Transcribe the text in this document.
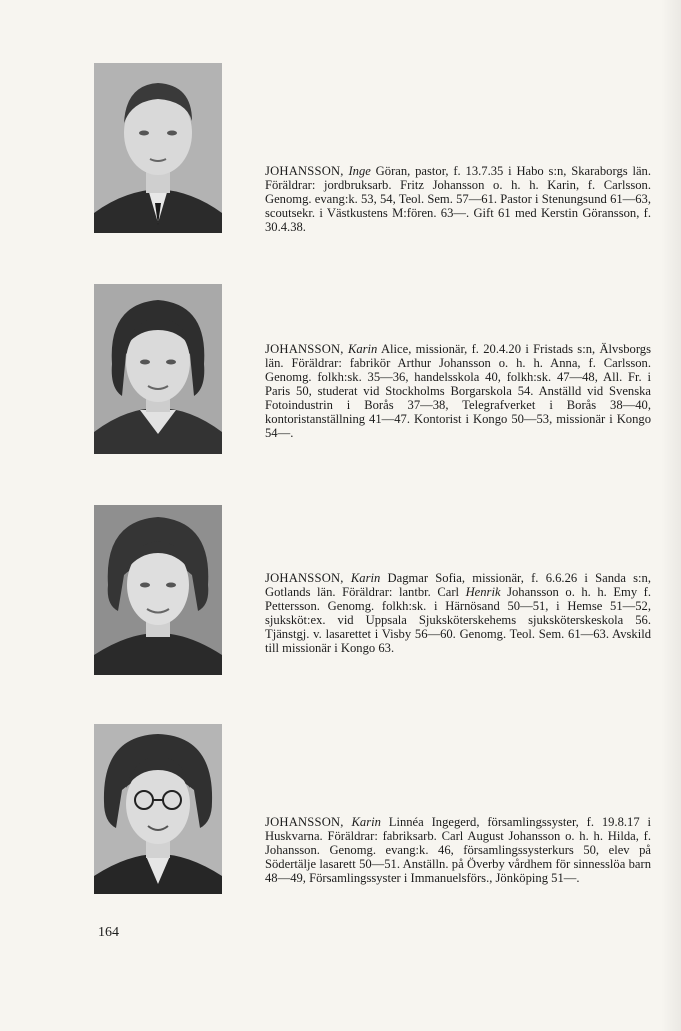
JOHANSSON, Inge Göran, pastor, f. 13.7.35 i Habo s:n, Skaraborgs län. Föräldrar: jordbruksarb. Fritz Johansson o. h. h. Karin, f. Carlsson. Genomg. evang:k. 53, 54, Teol. Sem. 57—61. Pastor i Stenungsund 61—63, scoutsekr. i Västkustens M:fören. 63—. Gift 61 med Kerstin Göransson, f. 30.4.38.

JOHANSSON, Karin Alice, missionär, f. 20.4.20 i Fristads s:n, Älvsborgs län. Föräldrar: fabrikör Arthur Johansson o. h. h. Anna, f. Carlsson. Genomg. folkh:sk. 35—36, handelsskola 40, folkh:sk. 47—48, All. Fr. i Paris 50, studerat vid Stockholms Borgarskola 54. Anställd vid Svenska Fotoindustrin i Borås 37—38, Telegrafverket i Borås 38—40, kontoristanställning 41—47. Kontorist i Kongo 50—53, missionär i Kongo 54—.

JOHANSSON, Karin Dagmar Sofia, missionär, f. 6.6.26 i Sanda s:n, Gotlands län. Föräldrar: lantbr. Carl Henrik Johansson o. h. h. Emy f. Pettersson. Genomg. folkh:sk. i Härnösand 50—51, i Hemse 51—52, sjuksköt:ex. vid Uppsala Sjuksköterskehems sjuksköterskeskola 56. Tjänstgj. v. lasarettet i Visby 56—60. Genomg. Teol. Sem. 61—63. Avskild till missionär i Kongo 63.

JOHANSSON, Karin Linnéa Ingegerd, församlingssyster, f. 19.8.17 i Huskvarna. Föräldrar: fabriksarb. Carl August Johansson o. h. h. Hilda, f. Johansson. Genomg. evang:k. 46, församlingssysterkurs 50, elev på Södertälje lasarett 50—51. Anställn. på Överby vårdhem för sinnesslöa barn 48—49, Församlingssyster i Immanuelsförs., Jönköping 51—.

164
